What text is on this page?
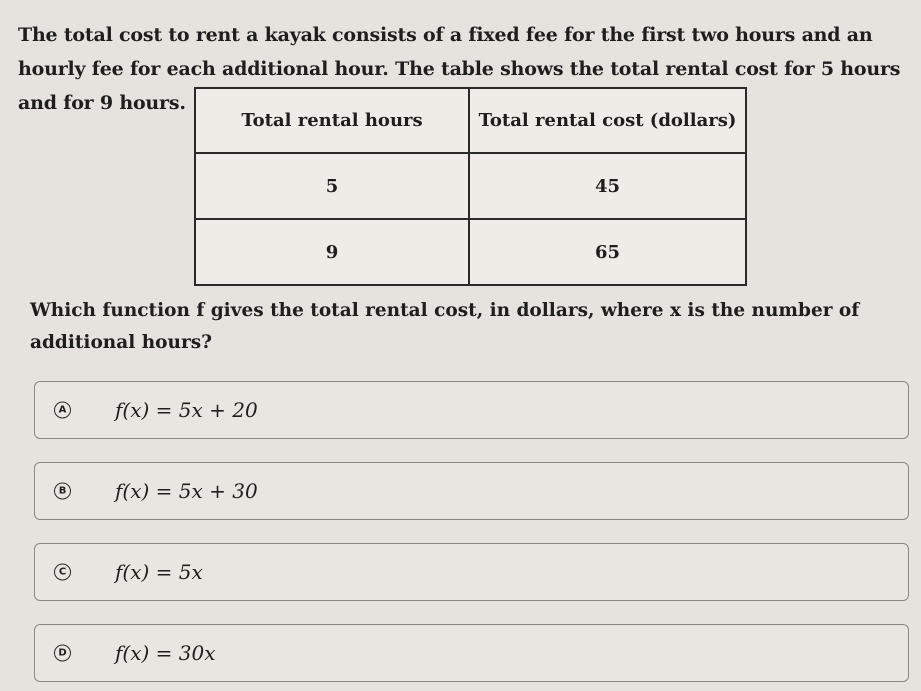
The total cost to rent a kayak consists of a fixed fee for the first two hours and an hourly fee for each additional hour. The table shows the total rental cost for 5 hours and for 9 hours.
Total rental hours	Total rental cost (dollars)
5	45
9	65
Which function f gives the total rental cost, in dollars, where x is the number of additional hours?
A f(x) = 5x + 20
B f(x) = 5x + 30
C f(x) = 5x
D f(x) = 30x
